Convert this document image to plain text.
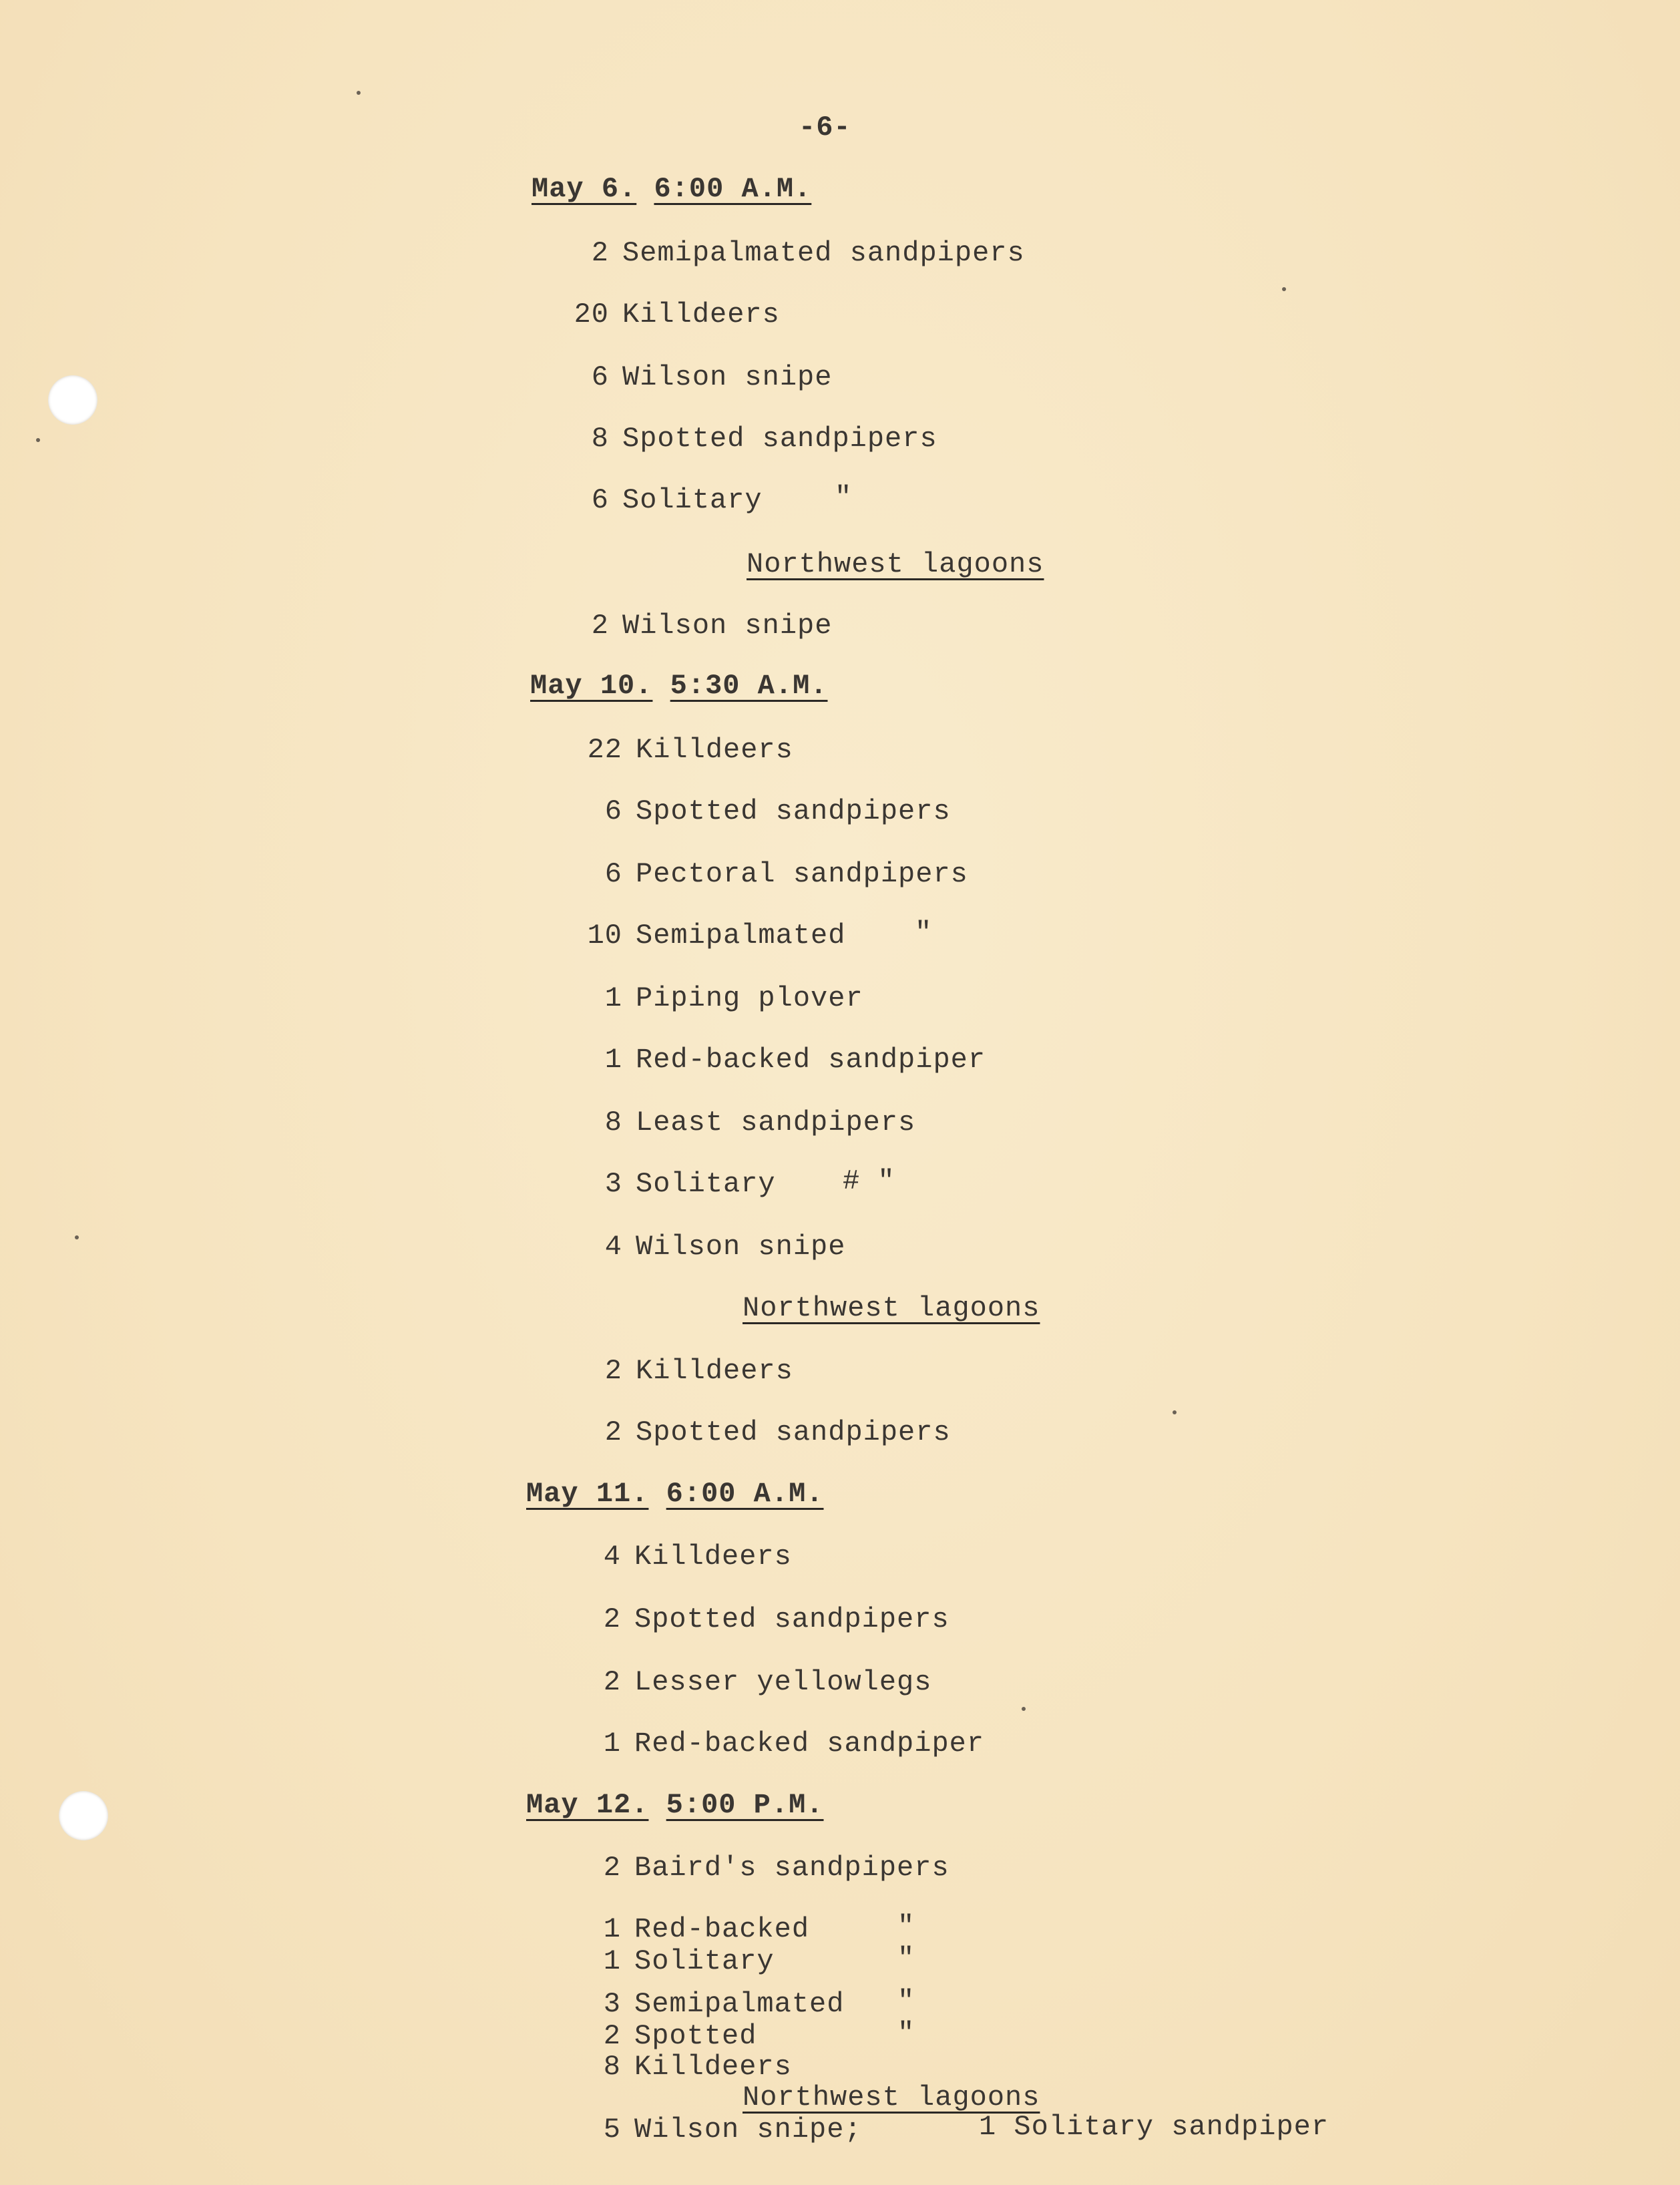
-6-
May 6. 6:00 A.M.
2 Semipalmated sandpipers
20 Killdeers
6 Wilson snipe
8 Spotted sandpipers
6 Solitary	"
Northwest lagoons
2 Wilson snipe
May 10. 5:30 A.M.
22 Killdeers
6 Spotted sandpipers
6 Pectoral sandpipers
10 Semipalmated "
1 Piping plover
1 Red-backed sandpiper
8 Least sandpipers
3 Solitary # "
4 Wilson snipe
Northwest lagoons
2 Killdeers
2 Spotted sandpipers
May 11. 6:00 A.M.
4 Killdeers
2 Spotted sandpipers
2 Lesser yellowlegs
1 Red-backed sandpiper
May 12. 5:00 P.M.
2 Baird's sandpipers
1 Red-backed	"
1 Solitary	"
3 Semipalmated "
2 Spotted	"
8 Killdeers
Northwest lagoons
5 Wilson snipe;	1 Solitary sandpiper
